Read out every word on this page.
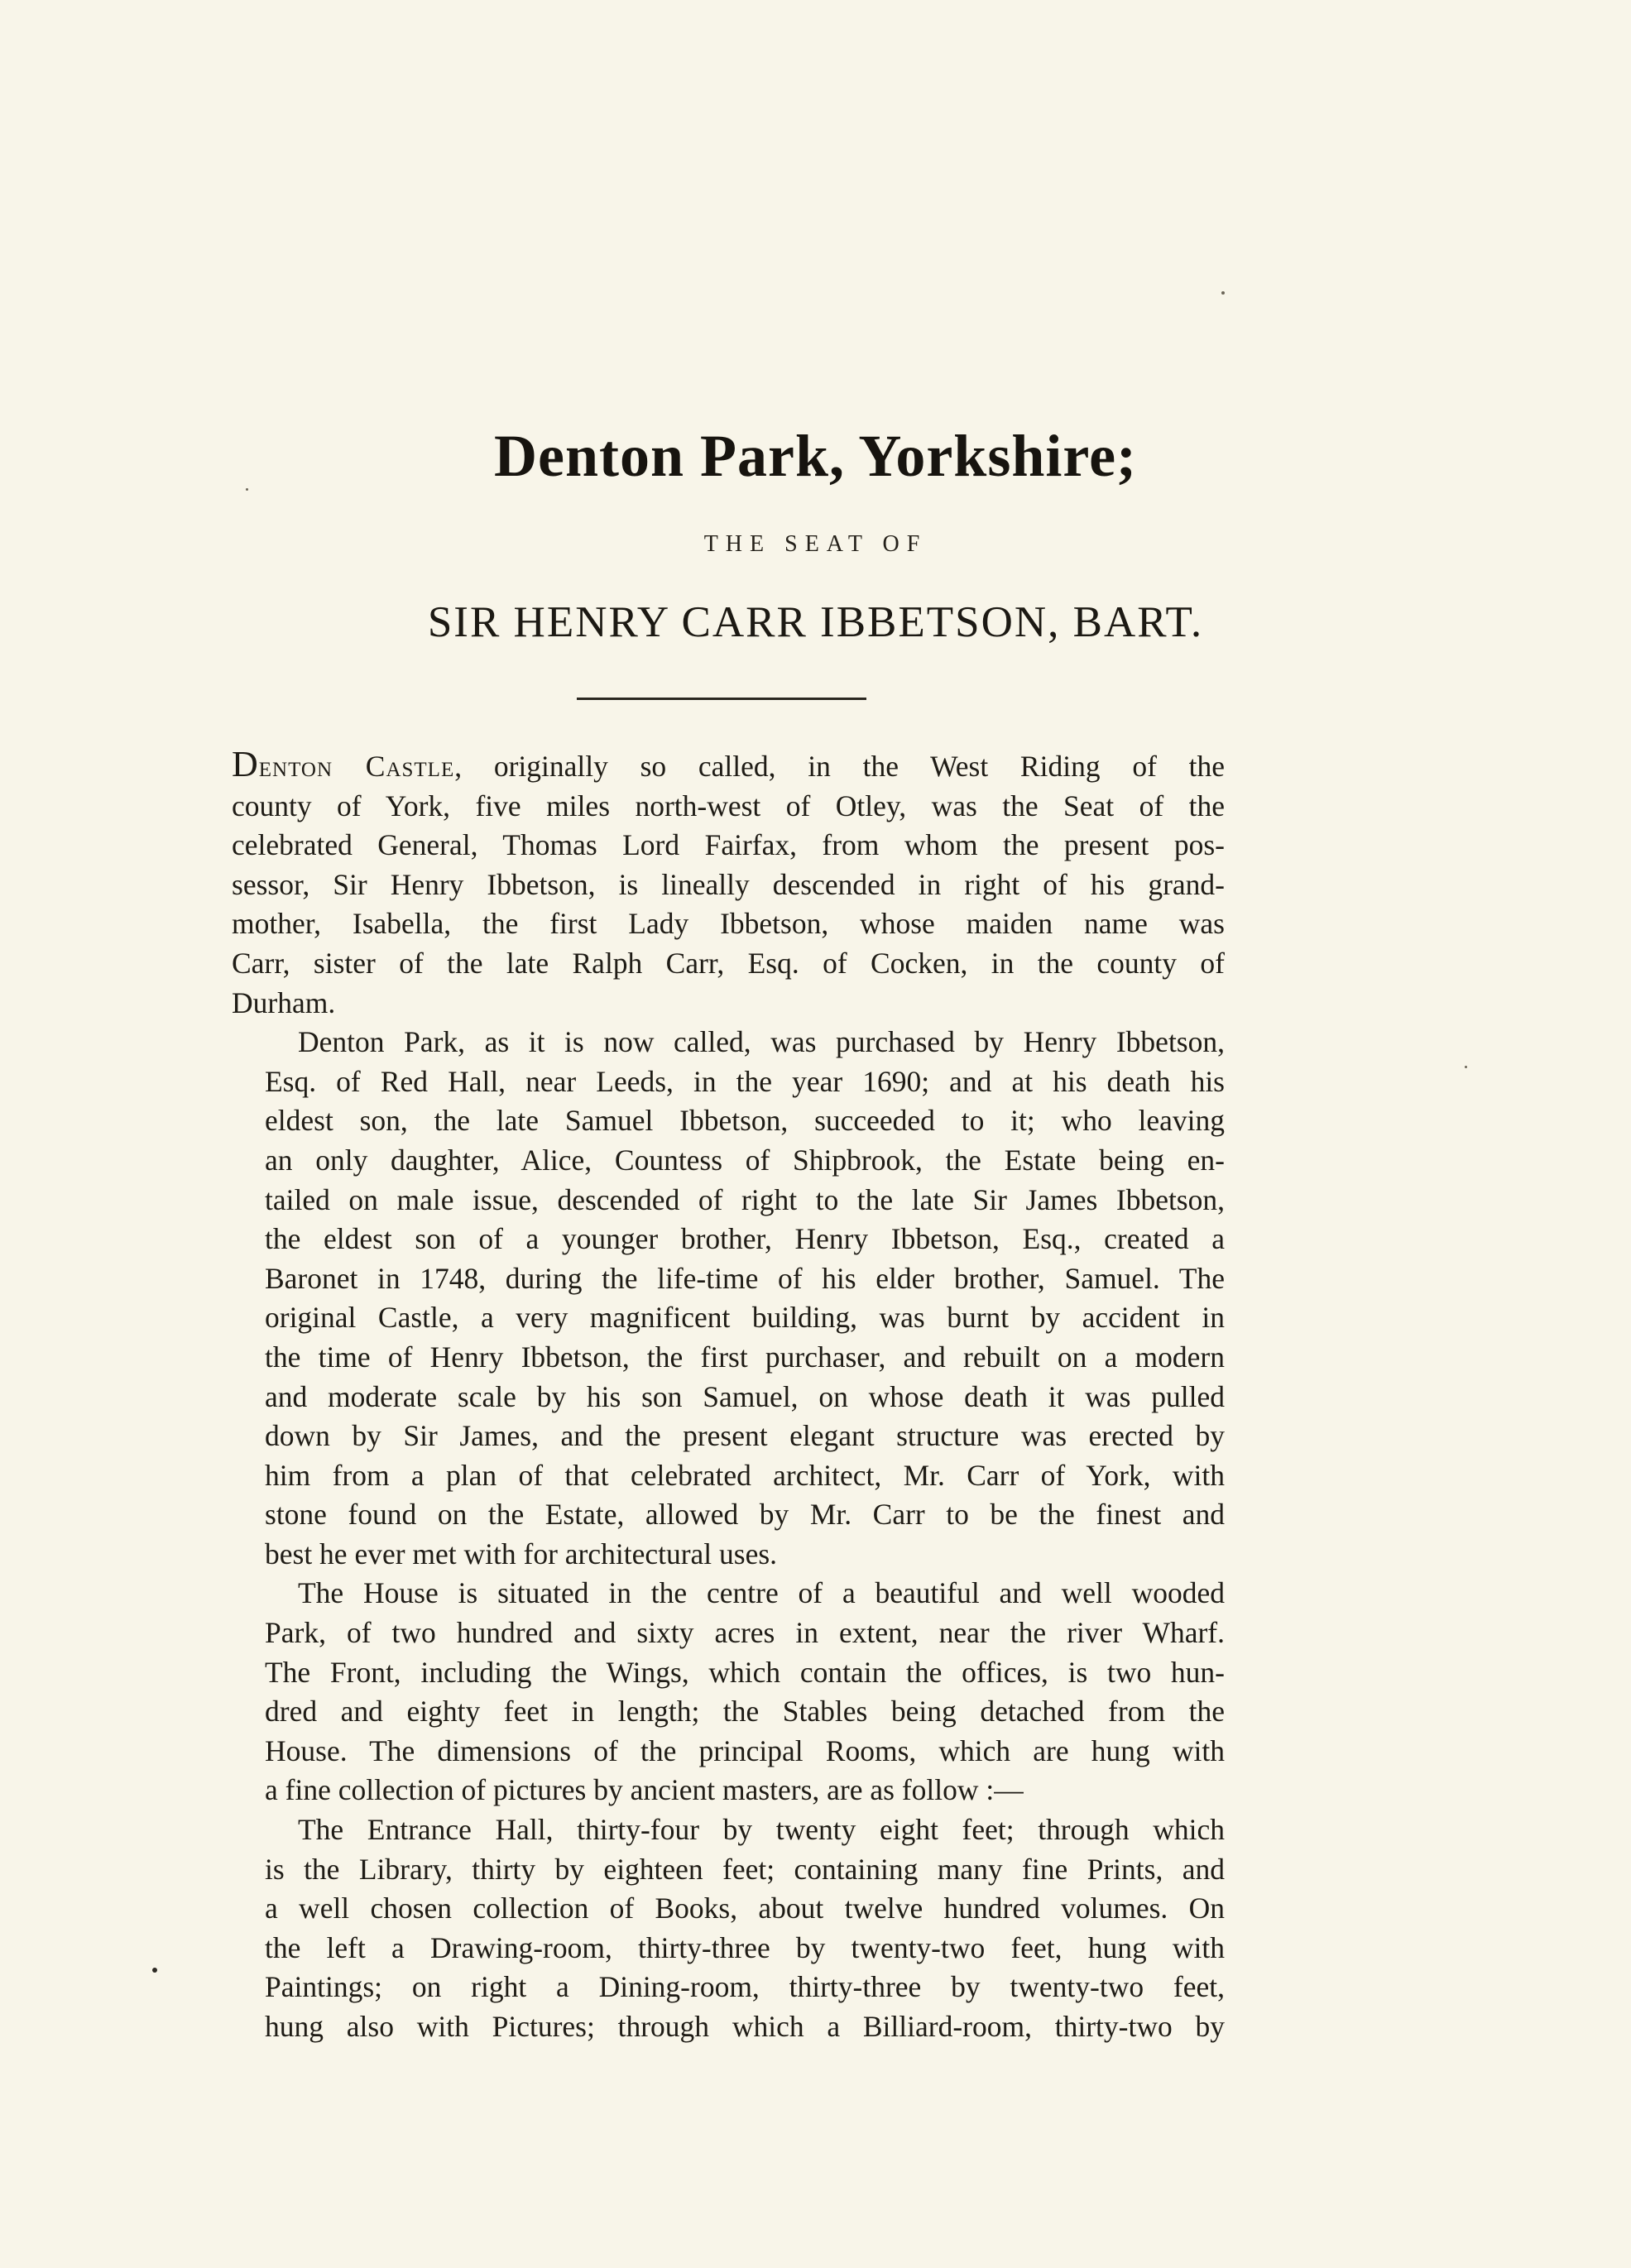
Denton Park, Yorkshire;
THE SEAT OF
SIR HENRY CARR IBBETSON, BART.

Denton Castle, originally so called, in the West Riding of the
county of York, five miles north-west of Otley, was the Seat of the
celebrated General, Thomas Lord Fairfax, from whom the present pos-
sessor, Sir Henry Ibbetson, is lineally descended in right of his grand-
mother, Isabella, the first Lady Ibbetson, whose maiden name was
Carr, sister of the late Ralph Carr, Esq. of Cocken, in the county of
Durham.

Denton Park, as it is now called, was purchased by Henry Ibbetson,
Esq. of Red Hall, near Leeds, in the year 1690; and at his death his
eldest son, the late Samuel Ibbetson, succeeded to it; who leaving
an only daughter, Alice, Countess of Shipbrook, the Estate being en-
tailed on male issue, descended of right to the late Sir James Ibbetson,
the eldest son of a younger brother, Henry Ibbetson, Esq., created a
Baronet in 1748, during the life-time of his elder brother, Samuel. The
original Castle, a very magnificent building, was burnt by accident in
the time of Henry Ibbetson, the first purchaser, and rebuilt on a modern
and moderate scale by his son Samuel, on whose death it was pulled
down by Sir James, and the present elegant structure was erected by
him from a plan of that celebrated architect, Mr. Carr of York, with
stone found on the Estate, allowed by Mr. Carr to be the finest and
best he ever met with for architectural uses.

The House is situated in the centre of a beautiful and well wooded
Park, of two hundred and sixty acres in extent, near the river Wharf.
The Front, including the Wings, which contain the offices, is two hun-
dred and eighty feet in length; the Stables being detached from the
House. The dimensions of the principal Rooms, which are hung with
a fine collection of pictures by ancient masters, are as follow :—

The Entrance Hall, thirty-four by twenty eight feet; through which
is the Library, thirty by eighteen feet; containing many fine Prints, and
a well chosen collection of Books, about twelve hundred volumes. On
the left a Drawing-room, thirty-three by twenty-two feet, hung with
Paintings; on right a Dining-room, thirty-three by twenty-two feet,
hung also with Pictures; through which a Billiard-room, thirty-two by
